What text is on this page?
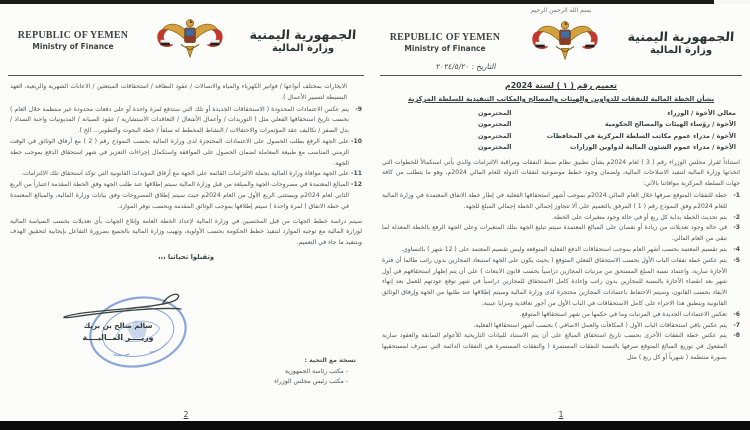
REPUBLIC OF YEMEN
Ministry of Finance
الجمهورية اليمنية
وزارة المالية
الايجارات بمختلف أنواعها / فواتير الكهرباء والمياه والاتصالات / عقود النظافة / استحقاقات المبتعثين / الاعانات الشهرية والربعية، العهد البسيطة لتسيير الأعمال ).
9-
يتم عكس الاعتمادات المحدودة ( الاستحقاقات الجديدة أو تلك التي ستدفع لمرة واحدة أو على دفعات محدودة غير منتظمة خلال العام ) بحسب تاريخ استحقاقها الفعلي مثل ( التوريدات / وأعمال الأشغال / التعاقدات الاستشارية / عقود الصيانة / المديونيات واجبة السداد / بدل السفر / تكاليف عقد المؤتمرات والاحتفالات / النشاط المخطط له سلفاً / خطة البحوث والتطوير... الخ ).
10-
على الجهة الرفع بطلب الحصول على الاعتمادات المحتجزة لدى وزارة المالية بحسب النموذج رقم ( 2 ) مع أرفاق الوثائق في الوقت الزمني المناسب مع طبيعة المعاملة لضمان الحصول على الموافقة واستكمال إجراءات التعزيز في شهر استحقاق الدفع بموجب خطة الجهة.
11-
على الجهة موافاة وزارة المالية بجملة الالتزامات القائمة على الجهة مع أرفاق المؤيدات القانونية التي تؤكد استحقاق تلك الالتزامات.
12-
المبالغ المعتمدة في مصروحات الجهة والمبلغة من قبل وزارة المالية سيتم إطلاقها عند طلب الجهة وفق الخطة المقدمة اعتباراً من الربع الثاني لعام 2024م ويستثنى الربع الأول من العام 2024م حيث سيتم إطلاق المصروحات وفق بيانات وزارة المالية، والمبالغ المعتمدة في خطة الانفاق ( لمرة واحدة ) سيتم إطلاقها بموجب الوثائق المقدمة وبحسب توفر الموارد.
سيتم دراسة خطط الجهات من قبل المختصين في وزارة المالية لإعداد الخطة العامة وإبلاغ الجهات بأي تعديلات بحسب السياسة المالية لوزارة المالية مع توجيه الموارد لتنفيذ خطط الحكومة بحسب الأولوية، وتهيب وزارة المالية بالجميع بضرورة التفاعل بإيجابية لتحقيق الهدف وبتنفيذ ما جاء في التعميم.
وتقبلوا تحياتنا ،،،
سالم صالح بن بريك
وزيــــر المــاليــــة
نسخة مع التحية :
- مكتب رئاسة الجمهورية
- مكتب رئيس مجلس الوزراء
2
بسم الله الرحمن الرحيم
REPUBLIC OF YEMEN
Ministry of Finance
الجمهورية اليمنية
وزارة المالية
التاريخ : ٢٠٢٤/٥/٢٠
تعميم رقم ( ١ ) لسنة 2024م
بشأن الخطة المالية للنفقات للدواوين والهيئات والمصالح والمكاتب التنفيذية للسلطة المركزية
معالي الأخوة / الوزراء
المحترمون
الأخوة / رؤساء الهيئات والمصالح الحكومية
المحترمون
الأخوة / مدراء عموم مكاتب السلطة المركزية في المحافظات
المحترمون
الأخوة / مدراء عموم الشئون المالية لدواوين الوزارات
المحترمون
استناداً لقرار مجلس الوزراء رقم ( 3 ) لعام 2024م بشأن تطبيق نظام ضبط النفقات ومراقبة الالتزامات والذي يأتي استكمالاً للخطوات التي اتخذتها وزارة المالية لتنفيذ الاصلاحات المالية، ولضمان وجود خطط موضوعية لنفقات الدولة للعام المالي 2024م، وهو ما يتطلب من كافة جهات السلطة المركزية موافاتنا بالآتي:
1-
خطة للنفقات المتوقع صرفها خلال العام المالي 2024م بموجب أشهر استحقاقها الفعلية في إطار خطة الانفاق المعتمدة في وزارة المالية للعام 2024م وفق النموذج رقم ( 1 ) المرفق بالتعميم على ألا تتجاوز إجمالي الخطة إجمالي المبلغ للجهة.
2-
يتم تحديث الخطة بداية كل ربع أو في حالة وجود متغيرات على الخطة.
3-
في حالة وجود تعديلات من زيادة أو نقصان على المبالغ المعتمدة سيتم تبليغ الجهة بتلك المتغيرات وعلى الجهة الرفع بالخطة المعدلة لما تبقى من العام المالي.
4-
يتم تقسيم المعتمد بحسب أشهر العام بموجب استحقاقات الدفع الفعلية المتوقعة وليس تقسيم المعتمد على ( 12 شهر ) بالتساوي.
5-
يتم عكس خطة نفقات الباب الأول بحسب الاستحقاق الفعلي المتوقع ( بحيث يكون على الجهة استبعاد المجازين بدون راتب طالما أن فترة الأجازة سارية، واعتماد نسبة المبلغ المستحق من مرتبات المجازين دراسياً بحسب قانون الابتعاث ) على أن يتم إظهار استحقاقهم في أول شهر بعد انقضاء الأجازة بالنسبة للمجازين بدون راتب وإعادة كامل الاستحقاق للمجازين دراسياً في شهر توقع عودتهم للعمل بعد إنهاء الايفاد بحسب القانون، وسيتم الاحتفاظ باعتمادات المجازين محتجزة لدى وزارة المالية وسيتم إطلاقها عند طلبها من الجهة وإرفاق الوثائق القانونية وينطبق هذا الاجراء على كامل الاستحقاقات في الباب الأول من أجور تعاقدية ومزايا عينية.
6-
تعكس الاعتمادات الجديدة في المرتبات وما في حكمها من شهر استحقاقها المتوقع.
7-
يتم عكس باقي استحقاقات الباب الأول ( المكافآت والعمل الاضافي ) بحسب أشهر استحقاقها الفعلية.
8-
يتم عكس خطة النفقات الأخرى بحسب تاريخ استحقاق المبالغ على أن يتم الاستناد للبيانات التاريخية للأعوام السابقة والعقود سارية المفعول في توزيع المبالغ المتوقع صرفها بالنسبة للنفقات المستمرة ( والنفقات المستمرة هي النفقات الدائمة التي تصرف لمستحقيها بصورة منتظمة ( شهرياً أو كل ربع ) مثل
1
